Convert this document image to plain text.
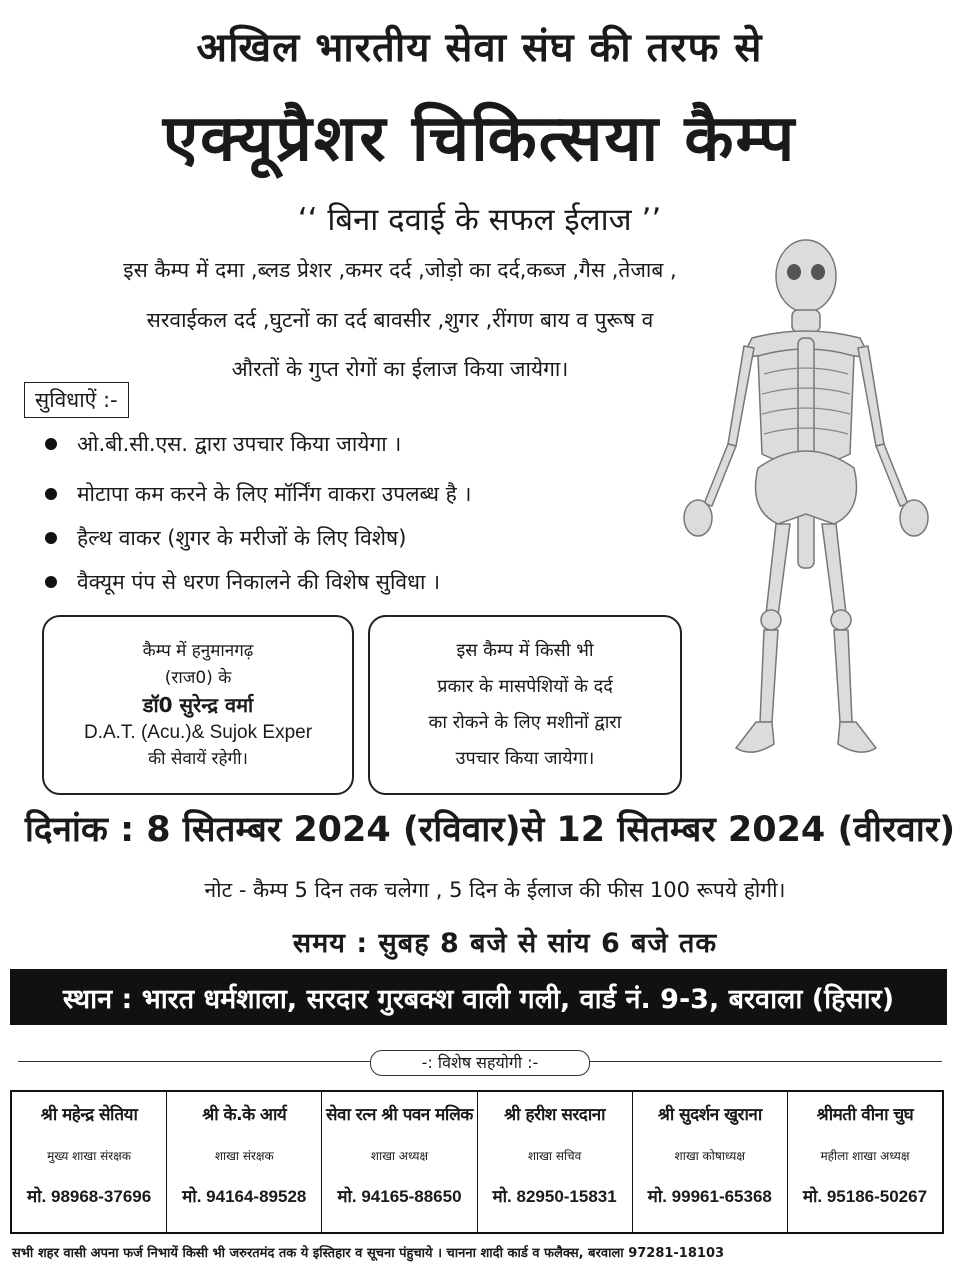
अखिल भारतीय सेवा संघ की तरफ से
एक्यूप्रैशर चिकित्सया कैम्प
‘‘ बिना दवाई के सफल ईलाज ’’
इस कैम्प में दमा ,ब्लड प्रेशर ,कमर दर्द ,जोड़ो का दर्द,कब्ज ,गैस ,तेजाब ,
सरवाईकल दर्द ,घुटनों का दर्द बावसीर ,शुगर ,रींगण बाय व पुरूष व
औरतों के गुप्त रोगों का ईलाज किया जायेगा।
सुविधाऐं :-
ओ.बी.सी.एस. द्वारा उपचार किया जायेगा ।
मोटापा कम करने के लिए मॉर्निंग वाकरा उपलब्ध है ।
हैल्थ वाकर (शुगर के मरीजों के लिए विशेष)
वैक्यूम पंप से धरण निकालने की विशेष सुविधा ।
कैम्प में हनुमानगढ़
(राज0) के
डॉ0 सुरेन्द्र वर्मा
D.A.T. (Acu.)& Sujok Exper
की सेवायें रहेगी।
इस कैम्प में किसी भी
प्रकार के मासपेशियों के दर्द
का रोकने के लिए मशीनों द्वारा
उपचार किया जायेगा।
दिनांक : 8 सितम्बर 2024 (रविवार)से 12 सितम्बर 2024 (वीरवार)
नोट - कैम्प 5 दिन तक चलेगा , 5 दिन के ईलाज की फीस 100 रूपये होगी।
समय : सुबह 8 बजे से सांय 6 बजे तक
स्थान : भारत धर्मशाला, सरदार गुरबक्श वाली गली, वार्ड नं. 9-3, बरवाला (हिसार)
-: विशेष सहयोगी :-
श्री महेन्द्र सेतिया
मुख्य शाखा संरक्षक
मो. 98968-37696
श्री के.के आर्य
शाखा संरक्षक
मो. 94164-89528
सेवा रत्न श्री पवन मलिक
शाखा अध्यक्ष
मो. 94165-88650
श्री हरीश सरदाना
शाखा सचिव
मो. 82950-15831
श्री सुदर्शन खुराना
शाखा कोषाध्यक्ष
मो. 99961-65368
श्रीमती वीना चुघ
महीला शाखा अध्यक्ष
मो. 95186-50267
सभी शहर वासी अपना फर्ज निभायें किसी भी जरुरतमंद तक ये इस्तिहार व सूचना पंहुचाये । चानना शादी कार्ड व फलैक्स, बरवाला 97281-18103
